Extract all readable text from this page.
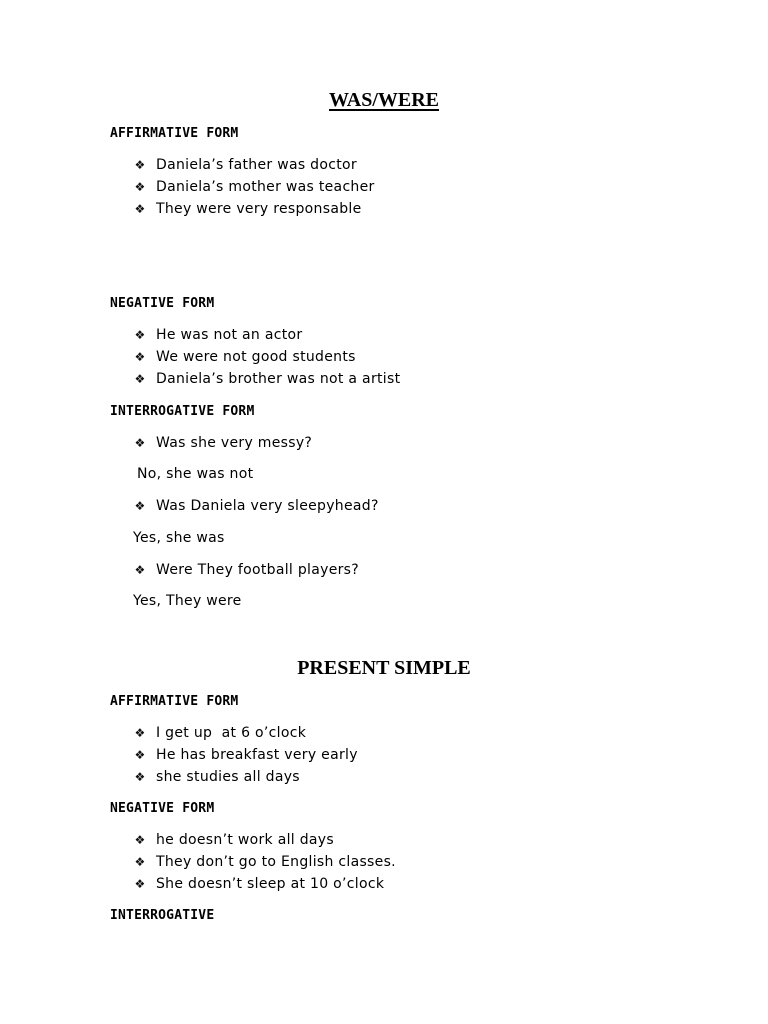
WAS/WERE
AFFIRMATIVE FORM
❖ Daniela’s father was doctor
❖ Daniela’s mother was teacher
❖ They were very responsable
NEGATIVE FORM
❖ He was not an actor
❖ We were not good students
❖ Daniela’s brother was not a artist
INTERROGATIVE FORM
❖ Was she very messy?

No, she was not

❖ Was Daniela very sleepyhead?

Yes, she was

❖ Were They football players?

Yes, They were

PRESENT SIMPLE
AFFIRMATIVE FORM
❖ I get up  at 6 o’clock
❖ He has breakfast very early
❖ she studies all days
NEGATIVE FORM
❖ he doesn’t work all days
❖ They don’t go to English classes.
❖ She doesn’t sleep at 10 o’clock
INTERROGATIVE
